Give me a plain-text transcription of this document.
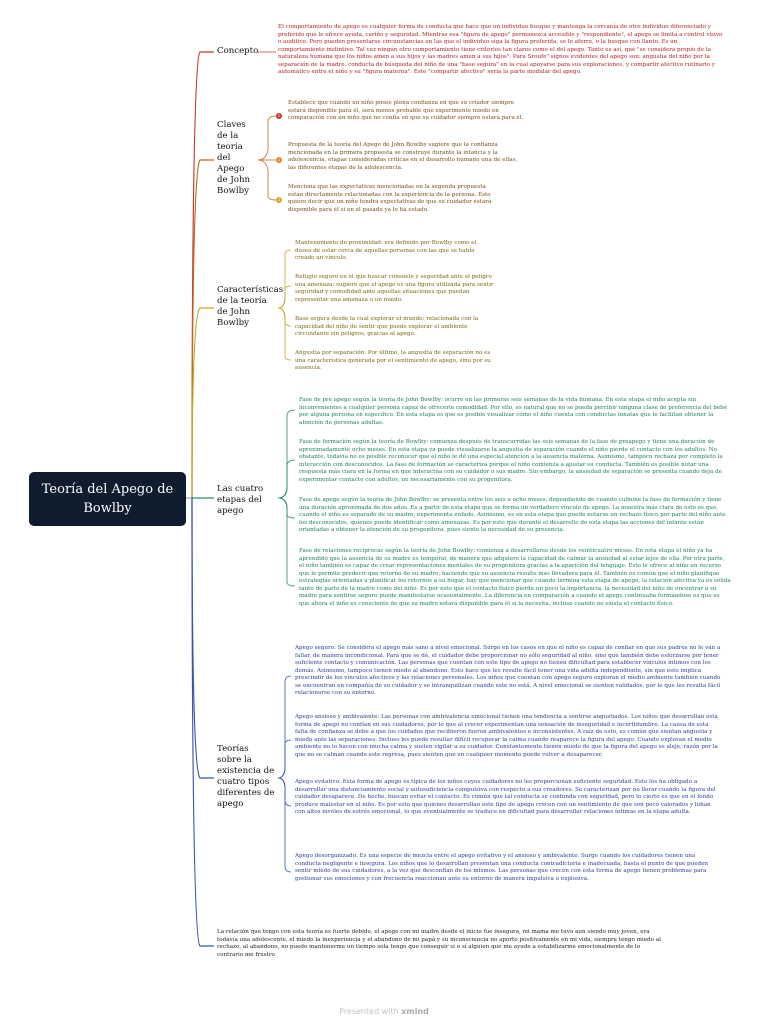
Teoría del Apego de Bowlby
Concepto
El comportamiento de apego es cualquier forma de conducta que hace que un individuo busque y mantenga la cercanía de otro individuo diferenciado y preferido que le ofrece ayuda, cariño y seguridad. Mientras esa "figura de apego" permanezca accesible y "respondiente", el apego se limita a control visivo o auditivo. Pero pueden presentarse circunstancias en las que el individuo siga la figura preferida, se le aferre, o la busque con llanto. Es un comportamiento instintivo. Tal vez ningún otro comportamiento tiene criterios tan claros como el del apego. Tanto es así, que "se considera propio de la naturaleza humana que los niños amen a sus hijos y las madres amen a sus hijos". Para Sroufe" signos evidentes del apego son: angustia del niño por la separación de la madre, conducta de búsqueda del niño de una "base segura" en la cual apoyarse para sus exploraciones, y compartir afectivo rutinario y automático entre el niño y su "figura materna". Este "compartir afectivo" sería la parte modular del apego.
Claves de la teoría del Apego de John Bowlby
1
2
3
Establece que cuando un niño posee plena confianza en que su criador siempre estará disponible para él, será menos probable que experimente miedo en comparación con un niño que no confía en que su cuidador siempre estará para él.
Propuesta de la teoría del Apego de John Bowlby sugiere que la confianza mencionada en la primera propuesta se construye durante la infancia y la adolescencia, etapas consideradas críticas en el desarrollo humano una de ellas, las diferentes etapas de la adolescencia.
Menciona que las expectativas mencionadas en la segunda propuesta están directamente relacionadas con la experiencia de la persona. Esto quiere decir que un niño tendrá expectativas de que su cuidador estará disponible para él si en el pasado ya lo ha estado.
Características de la teoría de John Bowlby
Mantenimiento de proximidad: era definido por Bowlby como el deseo de estar cerca de aquellas personas con las que se había creado un vínculo.
Refugio seguro en el que buscar consuelo y seguridad ante el peligro una amenaza: sugiere que el apego es una figura utilizada para sentir seguridad y comodidad ante aquellas situaciones que puedan representar una amenaza o un miedo.
Base segura desde la cual explorar el mundo: relacionada con la capacidad del niño de sentir que puede explorar el ambiente circundante sin peligros, gracias al apego.
Angustia por separación: Por último, la angustia de separación no es una característica generada por el sentimiento de apego, sino por su ausencia.
Las cuatro etapas del apego
Fase de pre apego según la teoría de John Bowlby: ocurre en las primeras seis semanas de la vida humana. En esta etapa el niño acepta sin inconvenientes a cualquier persona capaz de ofrecerle comodidad. Por ello, es natural que no se pueda percibir ninguna clase de preferencia del bebé por alguna persona en específico. En esta etapa es que es posible visualizar cómo el niño cuenta con conductas innatas que le facilitan obtener la atención de personas adultas.
Fase de formación según la teoría de Bowlby: comienza después de transcurridas las seis semanas de la fase de preapego y tiene una duración de aproximadamente ocho meses. En esta etapa ya puede visualizarse la angustia de separación cuando el niño pierde el contacto con los adultos. No obstante, todavía no es posible reconocer que el niño le dé una especial atención a la ausencia materna. Asimismo, tampoco rechaza por completo la interacción con desconocidos. La fase de formación se caracteriza porque el niño comienza a ajustar su conducta. También es posible notar una respuesta más clara en la forma en que interactúa con su cuidador o sus madre. Sin embargo, la ansiedad de separación se presenta cuando deja de experimentar contacto con adultos, no necesariamente con su progenitora.
Fase de apego según la teoría de John Bowlby: se presenta entre los seis u ocho meses, dependiendo de cuando culmine la fase de formación y tiene una duración aproximada de dos años. Es a partir de esta etapa que se forma un verdadero vínculo de apego. La muestra más clara de esto es que, cuando el niño es separado de su madre, experimenta enfado. Asimismo, es en esta etapa que puede notarse un rechazo físico por parte del niño ante los desconocidos, quienes puede identificar como amenazas. Es por esto que durante el desarrollo de esta etapa las acciones del infante están orientadas a obtener la atención de su progenitora, pues siente la necesidad de su presencia.
Fase de relaciones recíprocas según la teoría de John Bowlby: comienza a desarrollarse desde los veinticuatro meses. En esta etapa el niño ya ha aprendido que la ausencia de su madre es temporal, de manera que adquiere la capacidad de calmar la ansiedad al estar lejos de ella. Por otra parte, el niño también es capaz de crear representaciones mentales de su progenitora gracias a la aparición del lenguaje. Esto le ofrece al niño un recurso que le permite predecir que retorno de su madre, haciendo que su ausencia resulte más llevadera para él. También es común que el niño planifique estrategias orientadas a planificar los retornos a su hogar, hay que mencionar que cuando termina esta etapa de apego, la relación afectiva ya es sólida tanto de parte de la madre como del niño. Es por esto que el contacto físico pierde un poco la importancia, la necesidad del niño de encontrar a su madre para sentirse seguro puede manifestarse ocasionalmente. La diferencia en comparación a cuando el apego continuaba formándose es que es que ahora el niño es consciente de que su madre estará disponible para él si la necesita, incluso cuando no exista el contacto físico.
Teorías sobre la existencia de cuatro tipos diferentes de apego
Apego seguro: Se considera el apego más sano a nivel emocional. Surge en los casos en que el niño es capaz de confiar en que sus padres no le van a fallar, de manera incondicional. Para que se dé, el cuidador debe proporcionar no sólo seguridad al niño, sino que también debe esforzarse por tener suficiente contacto y comunicación. Las personas que cuentan con este tipo de apego no tienen dificultad para establecer vínculos íntimos con los demás. Asimismo, tampoco tienen miedo al abandono. Esto hace que les resulte fácil tener una vida adulta independiente, sin que esto implica prescindir de los vínculos afectivos y las relaciones personales. Los niños que cuentan con apego seguro exploran el medio ambiente también cuando se encuentran en compañía de su cuidador y se intranquilizan cuando este no está. A nivel emocional se sienten validados, por lo que les resulta fácil relacionarse con su entorno.
Apego ansioso y ambivalente: Las personas con ambivalencia emocional tienen una tendencia a sentirse angustiados. Los niños que desarrollan esta forma de apego no confían en sus cuidadores, por lo que al crecer experimentan una sensación de inseguridad e incertidumbre. La causa de esta falta de confianza se debe a que los cuidados que recibieron fueron ambivalentes e inconsistentes. A raíz de esto, es común que sientan angustia y miedo ante las separaciones. Incluso les puede resultar difícil recuperar la calma cuando reaparece la figura del apego. Cuando exploran el medio ambiente no lo hacen con mucha calma y suelen vigilar a su cuidador. Constantemente tienen miedo de que la figura del apego se aleje, razón por la que no se calman cuando este regresa, pues sienten que en cualquier momento puede volver a desaparecer.
Apego evitativo: Esta forma de apego es típica de los niños cuyos cuidadores no les proporcionan suficiente seguridad. Esto los ha obligado a desarrollar una distanciamiento social y autosuficiencia compulsiva con respecto a sus creadores. Se caracterizan por no llorar cuando la figura del cuidador desaparece. De hecho, buscan evitar el contacto. Es común que tal conducta se confunda con seguridad, pero lo cierto es que en el fondo produce malestar en el niño. Es por esto que quienes desarrollan este tipo de apego crecen con un sentimiento de que son poco valorados y lidian con altos niveles de estrés emocional, lo que eventualmente se traduce en dificultad para desarrollar relaciones íntimas en la etapa adulta.
Apego desorganizado: Es una especie de mezcla entre el apego evitativo y el ansioso y ambivalente. Surge cuando los cuidadores tienen una conducta negligente e insegura. Los niños que lo desarrollan presentan una conducta contradictoria e inadecuada, hasta el punto de que pueden sentir miedo de sus cuidadores, a la vez que desconfían de los mismos. Las personas que crecen con esta forma de apego tienen problemas para gestionar sus emociones y con frecuencia reaccionan ante su entorno de manera impulsiva o explosiva.
La relación que tengo con esta teoría es fuerte debido, el apego con mi madre desde el inicio fue insegura, mi mama me tuvo aun siendo muy joven, era todavía una adolescente, el miedo la inexperiencia y el abandono de mi papá y su inconsciencia no aporto positivamente en mi vida, siempre tengo miedo al rechazo, al abandono, no puedo mantenerme un tiempo sola tengo que conseguir si o sí alguien que me ayude a estabilizarme emocionalmente de lo contrario me frustro
Presented with xmind
